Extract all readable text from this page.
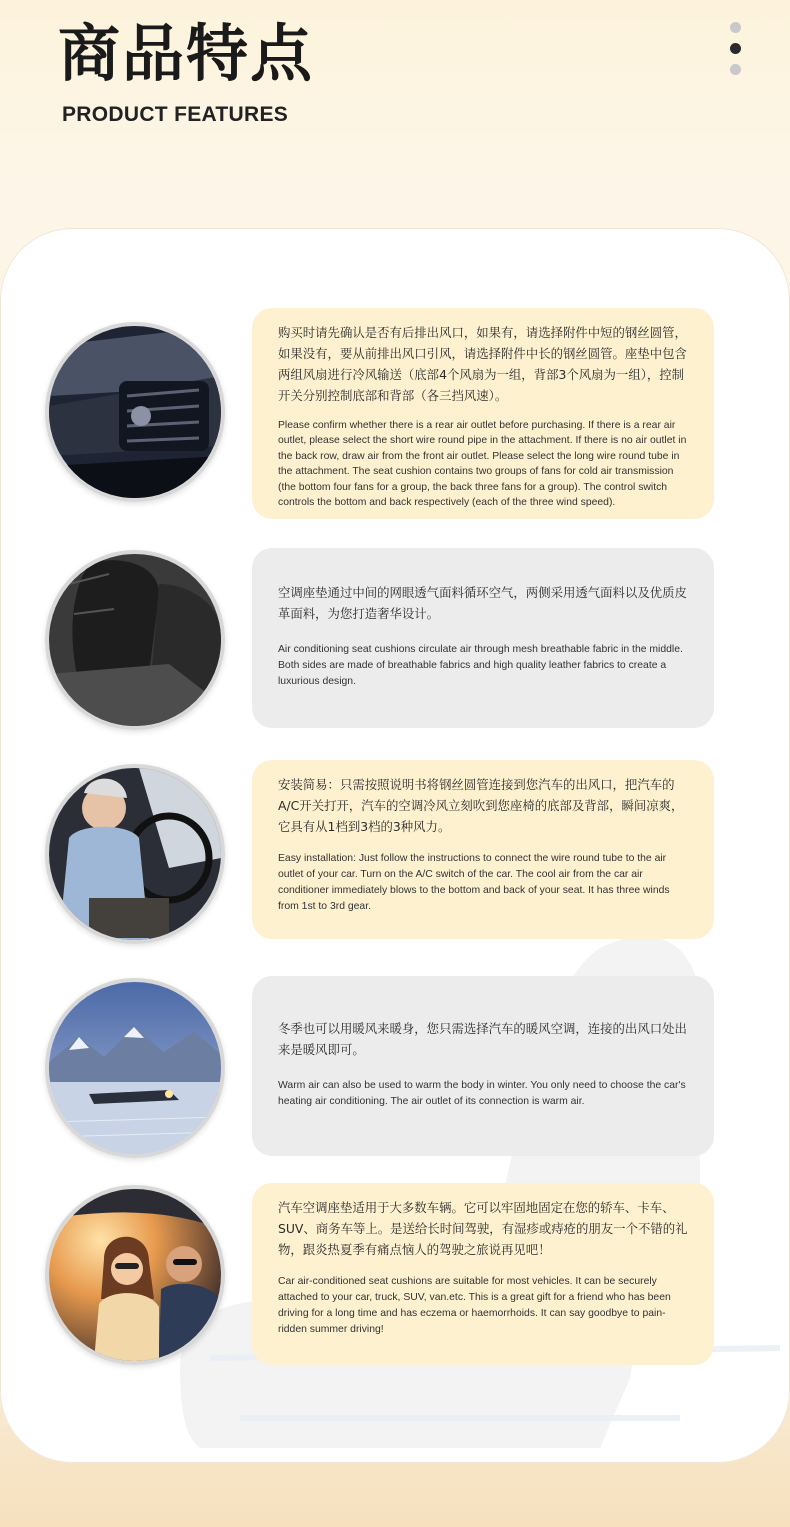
商品特点
PRODUCT FEATURES

购买时请先确认是否有后排出风口，如果有，请选择附件中短的钢丝圆管，如果没有，要从前排出风口引风，请选择附件中长的钢丝圆管。座垫中包含两组风扇进行冷风输送（底部4个风扇为一组，背部3个风扇为一组），控制开关分别控制底部和背部（各三挡风速）。

Please confirm whether there is a rear air outlet before purchasing. If there is a rear air outlet, please select the short wire round pipe in the attachment. If there is no air outlet in the back row, draw air from the front air outlet. Please select the long wire round tube in the attachment. The seat cushion contains two groups of fans for cold air transmission (the bottom four fans for a group, the back three fans for a group). The control switch controls the bottom and back respectively (each of the three wind speed).

空调座垫通过中间的网眼透气面料循环空气，两侧采用透气面料以及优质皮革面料，为您打造奢华设计。

Air conditioning seat cushions circulate air through mesh breathable fabric in the middle. Both sides are made of breathable fabrics and high quality leather fabrics to create a luxurious design.

安装简易：只需按照说明书将钢丝圆管连接到您汽车的出风口，把汽车的A/C开关打开，汽车的空调冷风立刻吹到您座椅的底部及背部，瞬间凉爽，它具有从1档到3档的3种风力。

Easy installation: Just follow the instructions to connect the wire round tube to the air outlet of your car. Turn on the A/C switch of the car. The cool air from the car air conditioner immediately blows to the bottom and back of your seat. It has three winds from 1st to 3rd gear.

冬季也可以用暖风来暖身，您只需选择汽车的暖风空调，连接的出风口处出来是暖风即可。

Warm air can also be used to warm the body in winter. You only need to choose the car's heating air conditioning. The air outlet of its connection is warm air.

汽车空调座垫适用于大多数车辆。它可以牢固地固定在您的轿车、卡车、SUV、商务车等上。是送给长时间驾驶，有湿疹或痔疮的朋友一个不错的礼物，跟炎热夏季有痛点恼人的驾驶之旅说再见吧！

Car air-conditioned seat cushions are suitable for most vehicles. It can be securely attached to your car, truck, SUV, van.etc. This is a great gift for a friend who has been driving for a long time and has eczema or haemorrhoids. It can say goodbye to pain-ridden summer driving!
